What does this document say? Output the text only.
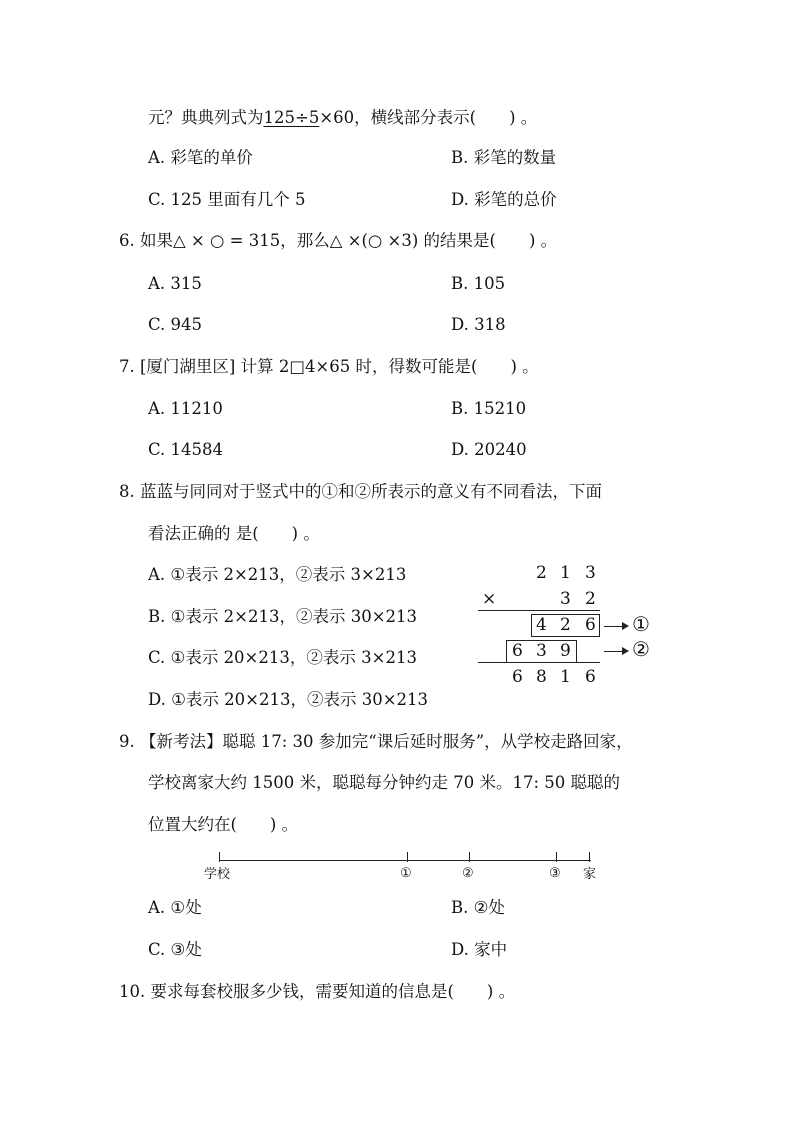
元？典典列式为125÷5×60，横线部分表示(　　) 。
A. 彩笔的单价	B. 彩笔的数量
C. 125 里面有几个 5	D. 彩笔的总价
6. 如果△ × ○ = 315，那么△ ×(○ ×3) 的结果是(　　) 。
A. 315	B. 105
C. 945	D. 318
7. [厦门湖里区] 计算 2□4×65 时，得数可能是(　　) 。
A. 11210	B. 15210
C. 14584	D. 20240
8. 蓝蓝与同同对于竖式中的①和②所表示的意义有不同看法，下面
看法正确的 是(　　) 。
A. ①表示 2×213，②表示 3×213
B. ①表示 2×213，②表示 30×213
C. ①表示 20×213，②表示 3×213
D. ①表示 20×213，②表示 30×213
2 1 3
×	3 2
4 2 6 ①
6 3 9	②
6 8 1 6
9. 【新考法】聪聪 17: 30 参加完“课后延时服务”，从学校走路回家，
学校离家大约 1500 米，聪聪每分钟约走 70 米。17: 50 聪聪的
位置大约在(　　) 。
学校	①	②	③ 家
A. ①处	B. ②处
C. ③处	D. 家中
10. 要求每套校服多少钱，需要知道的信息是(　　) 。
